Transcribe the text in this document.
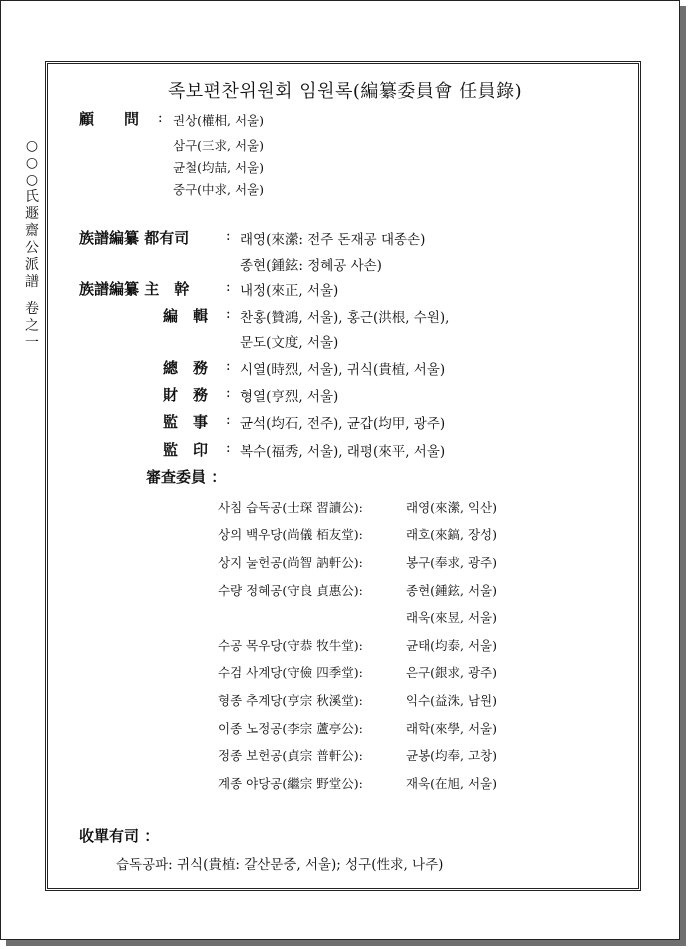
○
○
○
氏
遯
齋
公
派
譜
卷
之
一
족보편찬위원회 임원록(編纂委員會 任員錄)
顧　　問 : 권상(權相, 서울)
삼구(三求, 서울)
균철(均喆, 서울)
중구(中求, 서울)
族譜編纂 都有司	: 래영(來瀠: 전주 돈재공 대종손)
종현(鍾鉉: 정혜공 사손)
族譜編纂 主　幹	: 내정(來正, 서울)
編　輯 : 찬홍(贊鴻, 서울), 홍근(洪根, 수원),
문도(文度, 서울)
總　務 : 시열(時烈, 서울), 귀식(貴植, 서울)
財　務 : 형열(亨烈, 서울)
監　事 : 균석(均石, 전주), 균갑(均甲, 광주)
監　印 : 복수(福秀, 서울), 래평(來平, 서울)
審查委員 ：
사침 습독공(士琛 習讀公):	래영(來瀠, 익산)
상의 백우당(尚儀 栢友堂):	래호(來鎬, 장성)
상지 눌헌공(尚智 訥軒公):	봉구(奉求, 광주)
수량 정혜공(守良 貞惠公):	종현(鍾鉉, 서울)
래욱(來昱, 서울)
수공 목우당(守恭 牧牛堂):	균태(均泰, 서울)
수검 사계당(守儉 四季堂):	은구(銀求, 광주)
형종 추계당(亨宗 秋溪堂):	익수(益洙, 남원)
이종 노정공(李宗 蘆亭公):	래학(來學, 서울)
정종 보헌공(貞宗 普軒公):	균봉(均奉, 고창)
계종 야당공(繼宗 野堂公):	재욱(在旭, 서울)
收單有司 ：
습독공파: 귀식(貴植: 갈산문중, 서울); 성구(性求, 나주)
